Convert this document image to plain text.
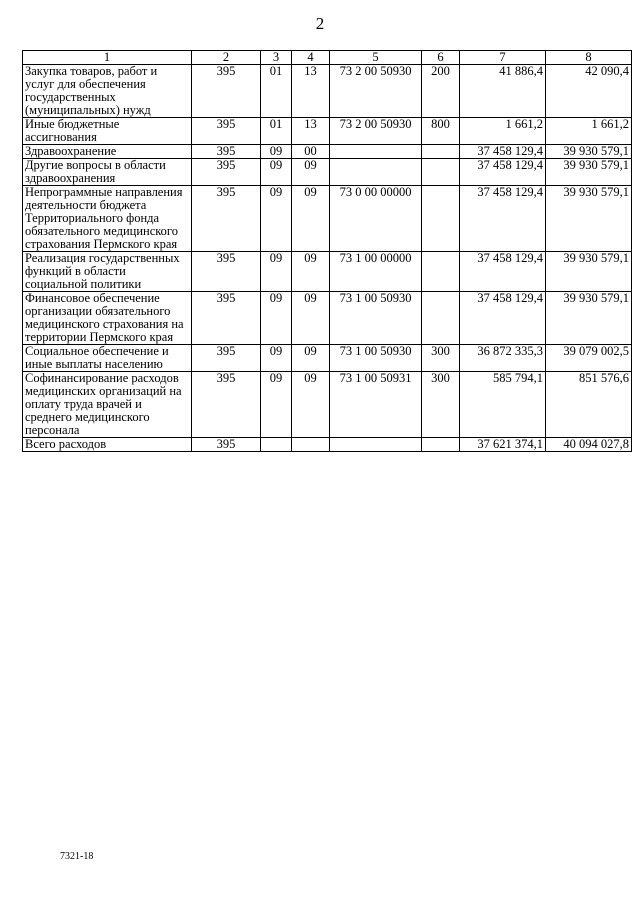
2
1	2	3	4	5	6	7	8
Закупка товаров, работ и услуг для обеспечения государственных (муниципальных) нужд	395	01	13	73 2 00 50930	200	41 886,4	42 090,4
Иные бюджетные ассигнования	395	01	13	73 2 00 50930	800	1 661,2	1 661,2
Здравоохранение	395	09	00			37 458 129,4	39 930 579,1
Другие вопросы в области здравоохранения	395	09	09			37 458 129,4	39 930 579,1
Непрограммные направления деятельности бюджета Территориального фонда обязательного медицинского страхования Пермского края	395	09	09	73 0 00 00000		37 458 129,4	39 930 579,1
Реализация государственных функций в области социальной политики	395	09	09	73 1 00 00000		37 458 129,4	39 930 579,1
Финансовое обеспечение организации обязательного медицинского страхования на территории Пермского края	395	09	09	73 1 00 50930		37 458 129,4	39 930 579,1
Социальное обеспечение и иные выплаты населению	395	09	09	73 1 00 50930	300	36 872 335,3	39 079 002,5
Софинансирование расходов медицинских организаций на оплату труда врачей и среднего медицинского персонала	395	09	09	73 1 00 50931	300	585 794,1	851 576,6
Всего расходов	395					37 621 374,1	40 094 027,8
7321-18
